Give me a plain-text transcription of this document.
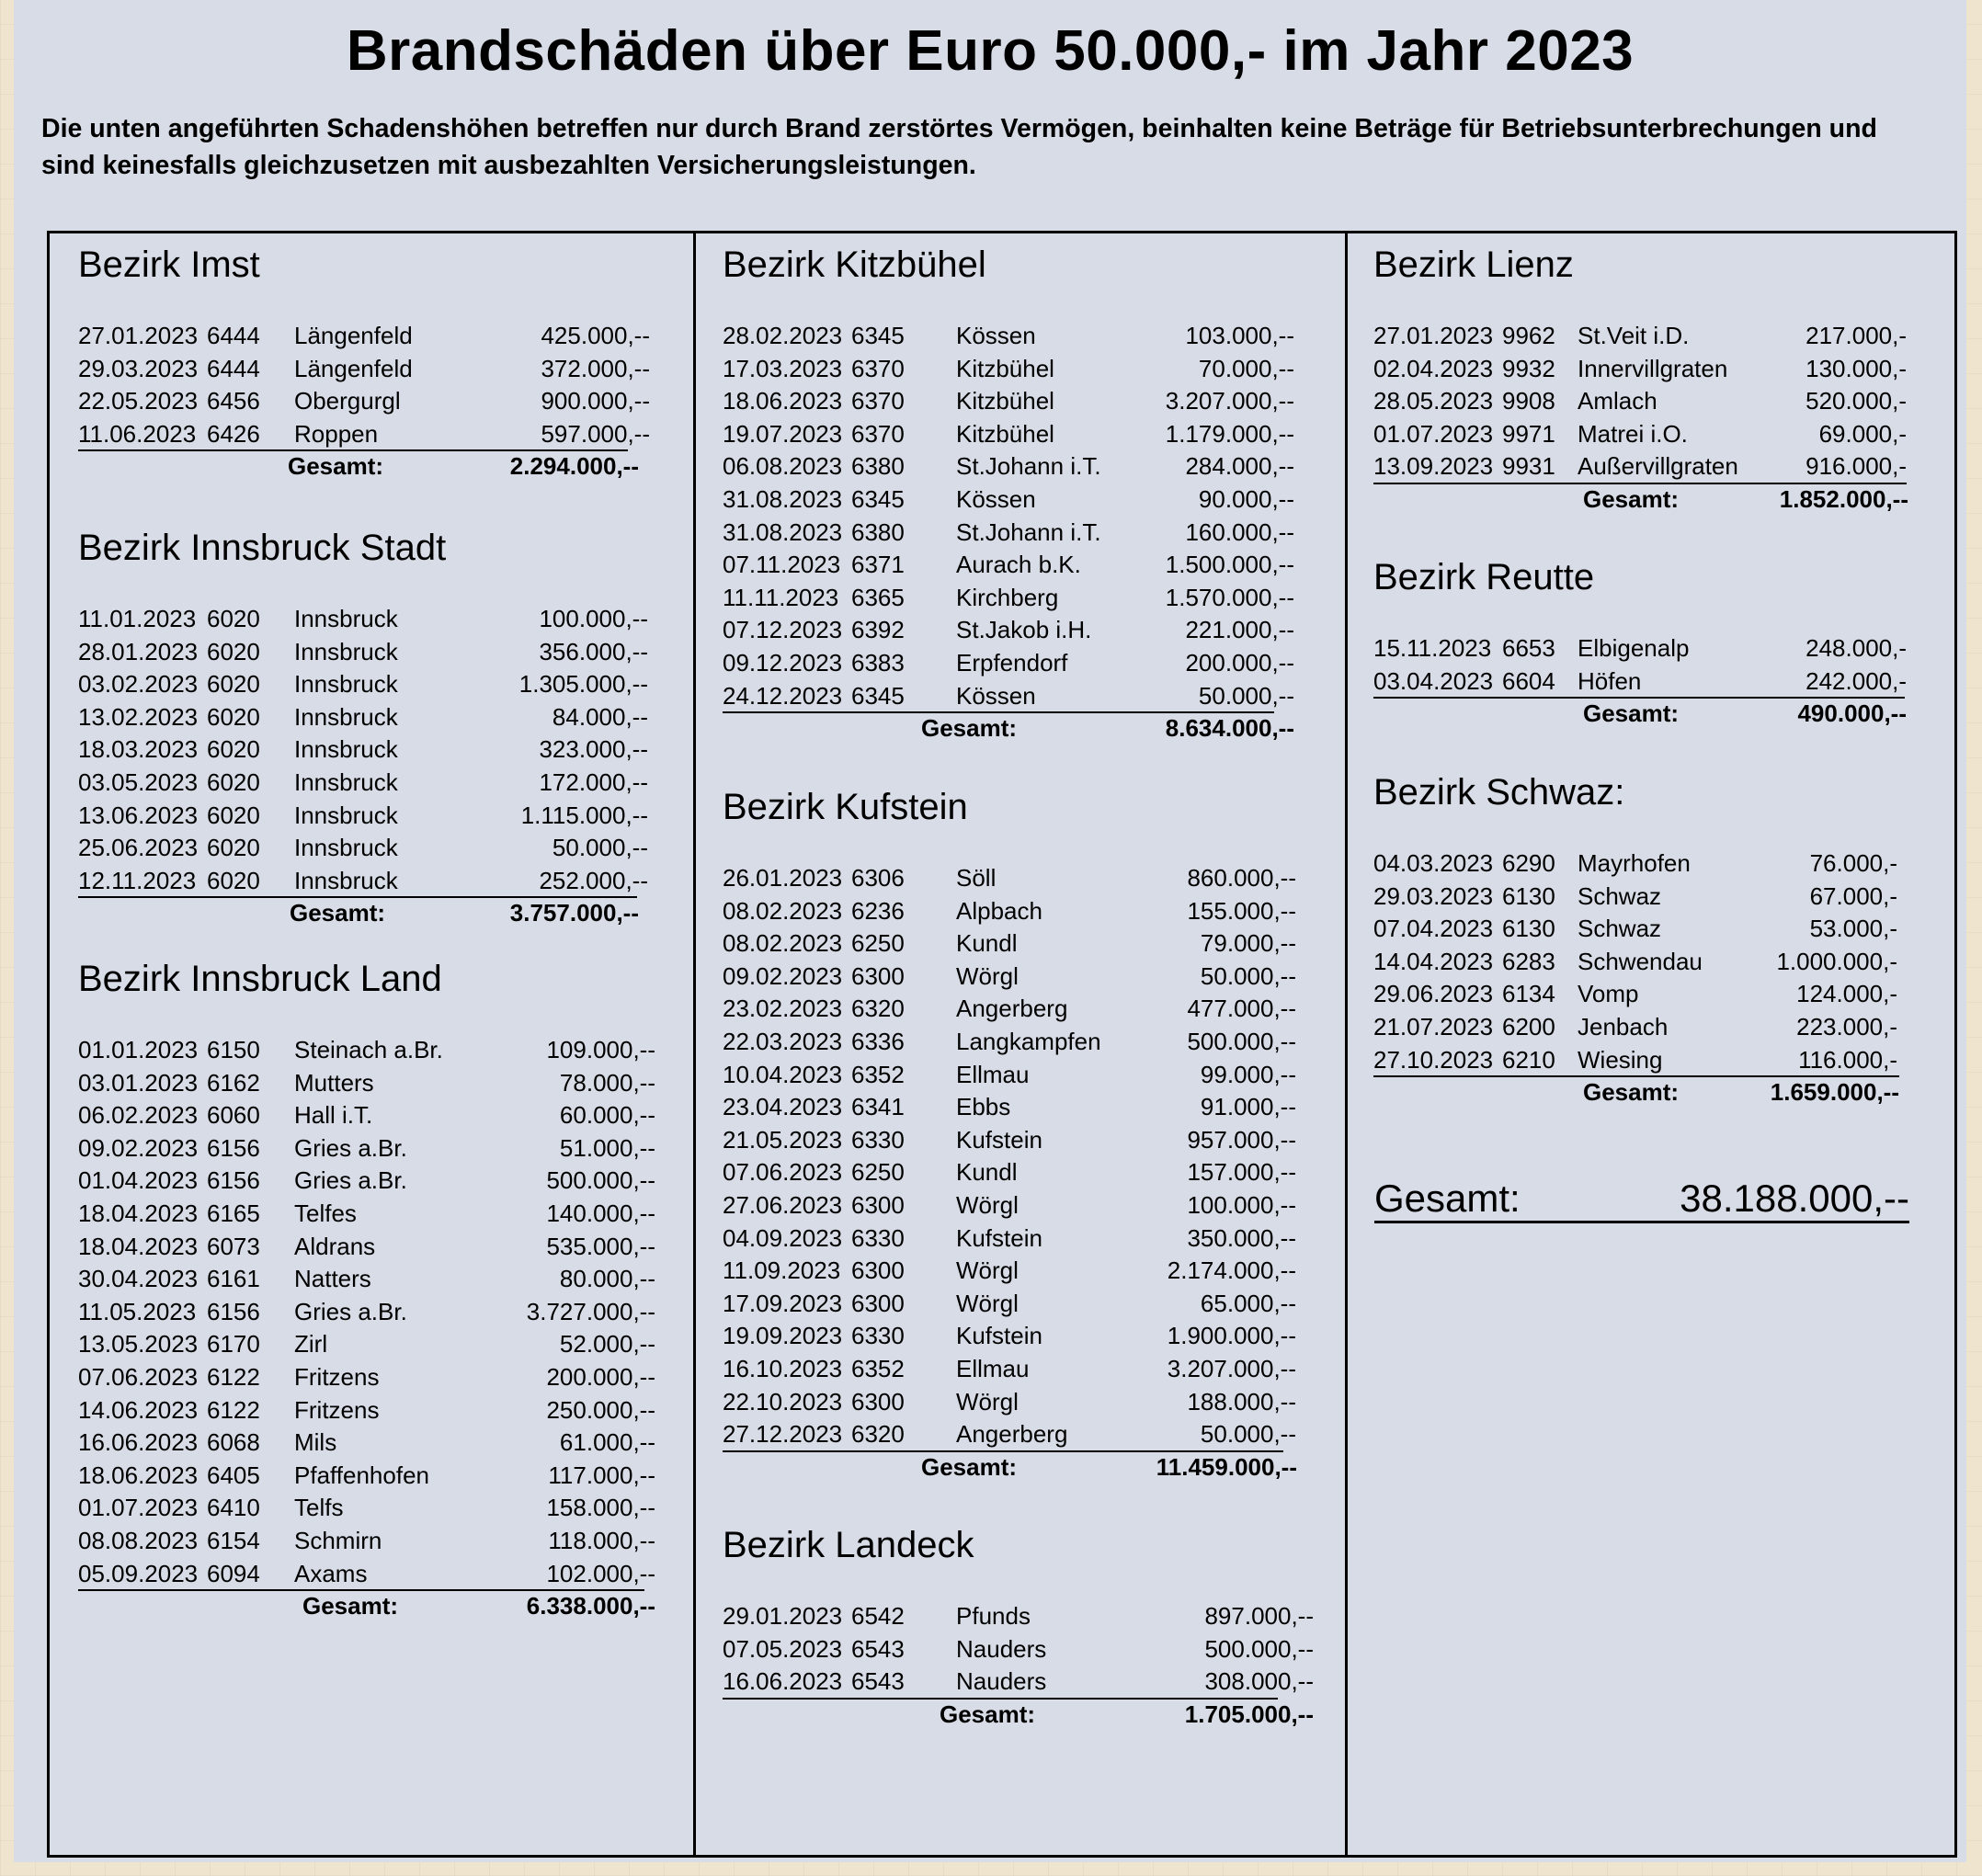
Brandschäden über Euro 50.000,- im Jahr 2023
Die unten angeführten Schadenshöhen betreffen nur durch Brand zerstörtes Vermögen, beinhalten keine Beträge für Betriebsunterbrechungen und sind keinesfalls gleichzusetzen mit ausbezahlten Versicherungsleistungen.
Bezirk Imst
27.01.2023 6444 Längenfeld	425.000,--
29.03.2023 6444 Längenfeld	372.000,--
22.05.2023 6456 Obergurgl	900.000,--
11.06.2023 6426 Roppen	597.000,--
Gesamt:	2.294.000,--
Bezirk Innsbruck Stadt
11.01.2023 6020 Innsbruck	100.000,--
28.01.2023 6020 Innsbruck	356.000,--
03.02.2023 6020 Innsbruck	1.305.000,--
13.02.2023 6020 Innsbruck	84.000,--
18.03.2023 6020 Innsbruck	323.000,--
03.05.2023 6020 Innsbruck	172.000,--
13.06.2023 6020 Innsbruck	1.115.000,--
25.06.2023 6020 Innsbruck	50.000,--
12.11.2023 6020 Innsbruck	252.000,--
Gesamt:	3.757.000,--
Bezirk Innsbruck Land
01.01.2023 6150 Steinach a.Br.	109.000,--
03.01.2023 6162 Mutters	78.000,--
06.02.2023 6060 Hall i.T.	60.000,--
09.02.2023 6156 Gries a.Br.	51.000,--
01.04.2023 6156 Gries a.Br.	500.000,--
18.04.2023 6165 Telfes	140.000,--
18.04.2023 6073 Aldrans	535.000,--
30.04.2023 6161 Natters	80.000,--
11.05.2023 6156 Gries a.Br.	3.727.000,--
13.05.2023 6170 Zirl	52.000,--
07.06.2023 6122 Fritzens	200.000,--
14.06.2023 6122 Fritzens	250.000,--
16.06.2023 6068 Mils	61.000,--
18.06.2023 6405 Pfaffenhofen	117.000,--
01.07.2023 6410 Telfs	158.000,--
08.08.2023 6154 Schmirn	118.000,--
05.09.2023 6094 Axams	102.000,--
Gesamt:	6.338.000,--
Bezirk Kitzbühel
28.02.2023 6345 Kössen	103.000,--
17.03.2023 6370 Kitzbühel	70.000,--
18.06.2023 6370 Kitzbühel	3.207.000,--
19.07.2023 6370 Kitzbühel	1.179.000,--
06.08.2023 6380 St.Johann i.T.	284.000,--
31.08.2023 6345 Kössen	90.000,--
31.08.2023 6380 St.Johann i.T.	160.000,--
07.11.2023 6371 Aurach b.K.	1.500.000,--
11.11.2023 6365 Kirchberg	1.570.000,--
07.12.2023 6392 St.Jakob i.H.	221.000,--
09.12.2023 6383 Erpfendorf	200.000,--
24.12.2023 6345 Kössen	50.000,--
Gesamt:	8.634.000,--
Bezirk Kufstein
26.01.2023 6306 Söll	860.000,--
08.02.2023 6236 Alpbach	155.000,--
08.02.2023 6250 Kundl	79.000,--
09.02.2023 6300 Wörgl	50.000,--
23.02.2023 6320 Angerberg	477.000,--
22.03.2023 6336 Langkampfen	500.000,--
10.04.2023 6352 Ellmau	99.000,--
23.04.2023 6341 Ebbs	91.000,--
21.05.2023 6330 Kufstein	957.000,--
07.06.2023 6250 Kundl	157.000,--
27.06.2023 6300 Wörgl	100.000,--
04.09.2023 6330 Kufstein	350.000,--
11.09.2023 6300 Wörgl	2.174.000,--
17.09.2023 6300 Wörgl	65.000,--
19.09.2023 6330 Kufstein	1.900.000,--
16.10.2023 6352 Ellmau	3.207.000,--
22.10.2023 6300 Wörgl	188.000,--
27.12.2023 6320 Angerberg	50.000,--
Gesamt:	11.459.000,--
Bezirk Landeck
29.01.2023 6542 Pfunds	897.000,--
07.05.2023 6543 Nauders	500.000,--
16.06.2023 6543 Nauders	308.000,--
Gesamt:	1.705.000,--
Bezirk Lienz
27.01.2023 9962 St.Veit i.D.	217.000,-
02.04.2023 9932 Innervillgraten	130.000,-
28.05.2023 9908 Amlach	520.000,-
01.07.2023 9971 Matrei i.O.	69.000,-
13.09.2023 9931 Außervillgraten	916.000,-
Gesamt:	1.852.000,--
Bezirk Reutte
15.11.2023 6653 Elbigenalp	248.000,-
03.04.2023 6604 Höfen	242.000,-
Gesamt:	490.000,--
Bezirk Schwaz:
04.03.2023 6290 Mayrhofen	76.000,-
29.03.2023 6130 Schwaz	67.000,-
07.04.2023 6130 Schwaz	53.000,-
14.04.2023 6283 Schwendau	1.000.000,-
29.06.2023 6134 Vomp	124.000,-
21.07.2023 6200 Jenbach	223.000,-
27.10.2023 6210 Wiesing	116.000,-
Gesamt:	1.659.000,--
Gesamt:	38.188.000,--
